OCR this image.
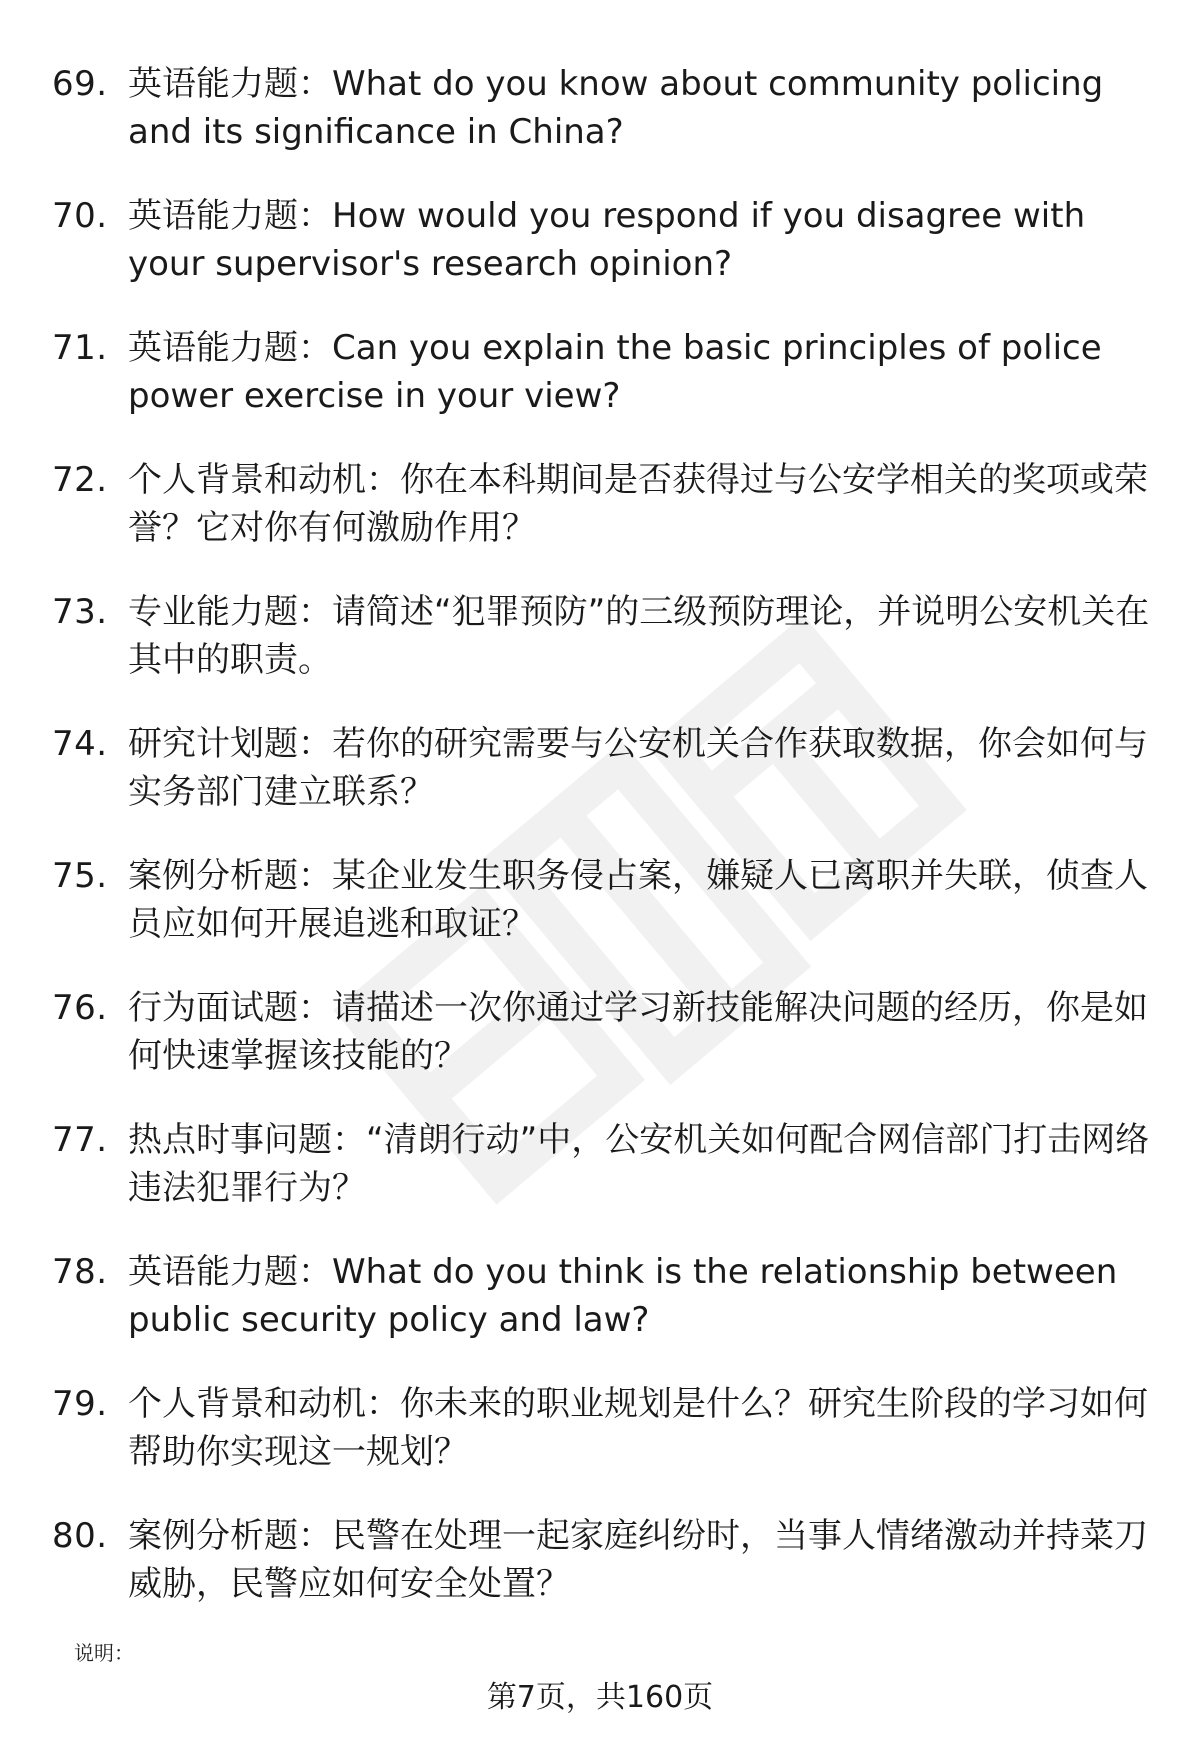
69. 英语能力题：What do you know about community policing and its significance in China?
70. 英语能力题：How would you respond if you disagree with your supervisor's research opinion?
71. 英语能力题：Can you explain the basic principles of police power exercise in your view?
72. 个人背景和动机：你在本科期间是否获得过与公安学相关的奖项或荣誉？它对你有何激励作用？
73. 专业能力题：请简述“犯罪预防”的三级预防理论，并说明公安机关在其中的职责。
74. 研究计划题：若你的研究需要与公安机关合作获取数据，你会如何与实务部门建立联系？
75. 案例分析题：某企业发生职务侵占案，嫌疑人已离职并失联，侦查人员应如何开展追逃和取证？
76. 行为面试题：请描述一次你通过学习新技能解决问题的经历，你是如何快速掌握该技能的？
77. 热点时事问题：“清朗行动”中，公安机关如何配合网信部门打击网络违法犯罪行为？
78. 英语能力题：What do you think is the relationship between public security policy and law?
79. 个人背景和动机：你未来的职业规划是什么？研究生阶段的学习如何帮助你实现这一规划？
80. 案例分析题：民警在处理一起家庭纠纷时，当事人情绪激动并持菜刀威胁，民警应如何安全处置？
说明：
第7页，共160页
